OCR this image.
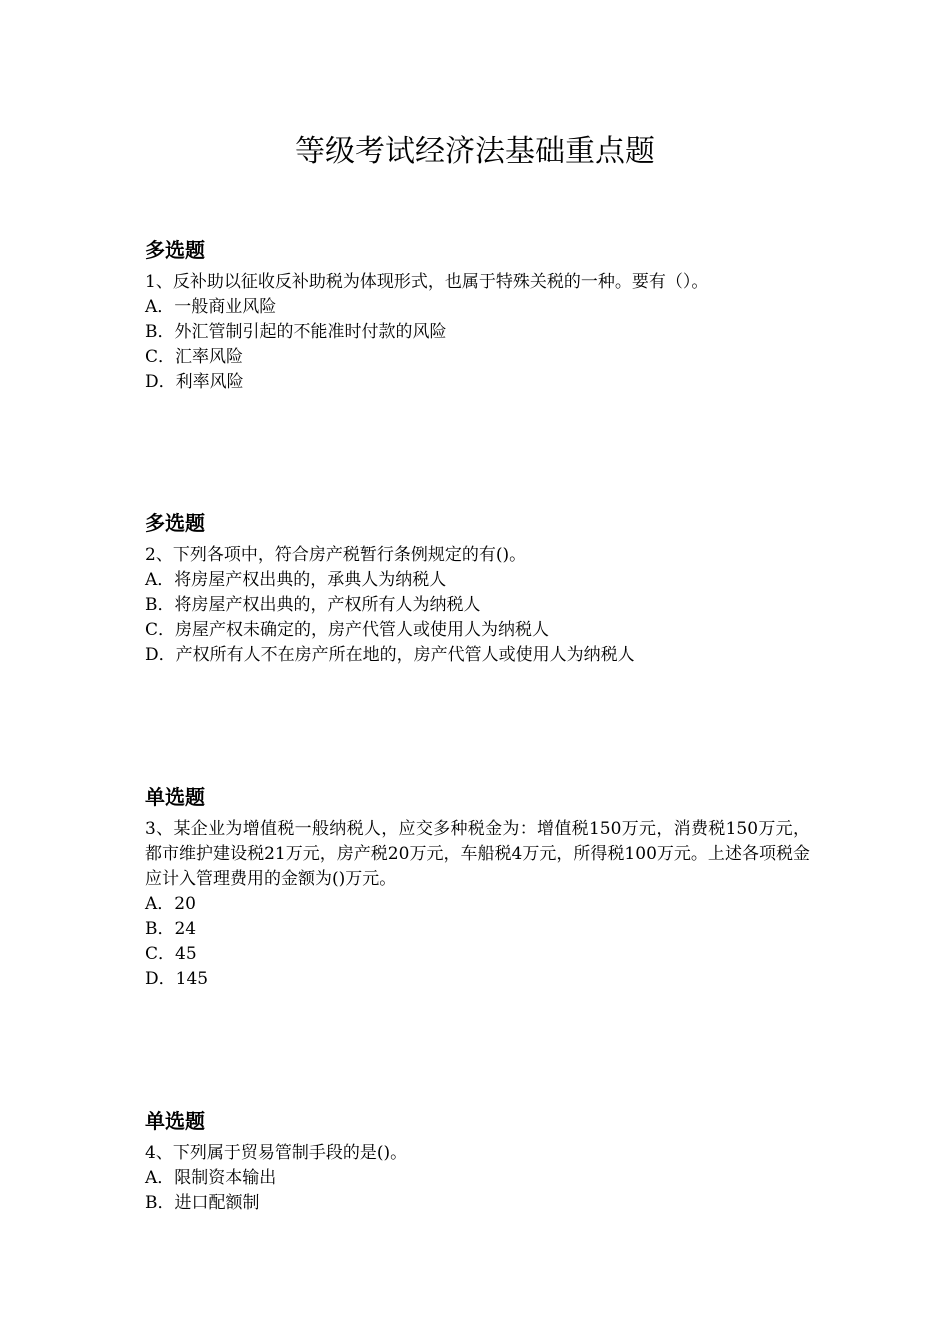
等级考试经济法基础重点题
多选题

1、反补助以征收反补助税为体现形式，也属于特殊关税的一种。要有（）。

A．一般商业风险
B．外汇管制引起的不能准时付款的风险
C．汇率风险
D．利率风险
多选题

2、下列各项中，符合房产税暂行条例规定的有()。

A．将房屋产权出典的，承典人为纳税人
B．将房屋产权出典的，产权所有人为纳税人
C．房屋产权未确定的，房产代管人或使用人为纳税人
D．产权所有人不在房产所在地的，房产代管人或使用人为纳税人
单选题

3、某企业为增值税一般纳税人，应交多种税金为：增值税150万元，消费税150万元，都市维护建设税21万元，房产税20万元，车船税4万元，所得税100万元。上述各项税金应计入管理费用的金额为()万元。

A．20
B．24
C．45
D．145
单选题

4、下列属于贸易管制手段的是()。

A．限制资本输出
B．进口配额制
